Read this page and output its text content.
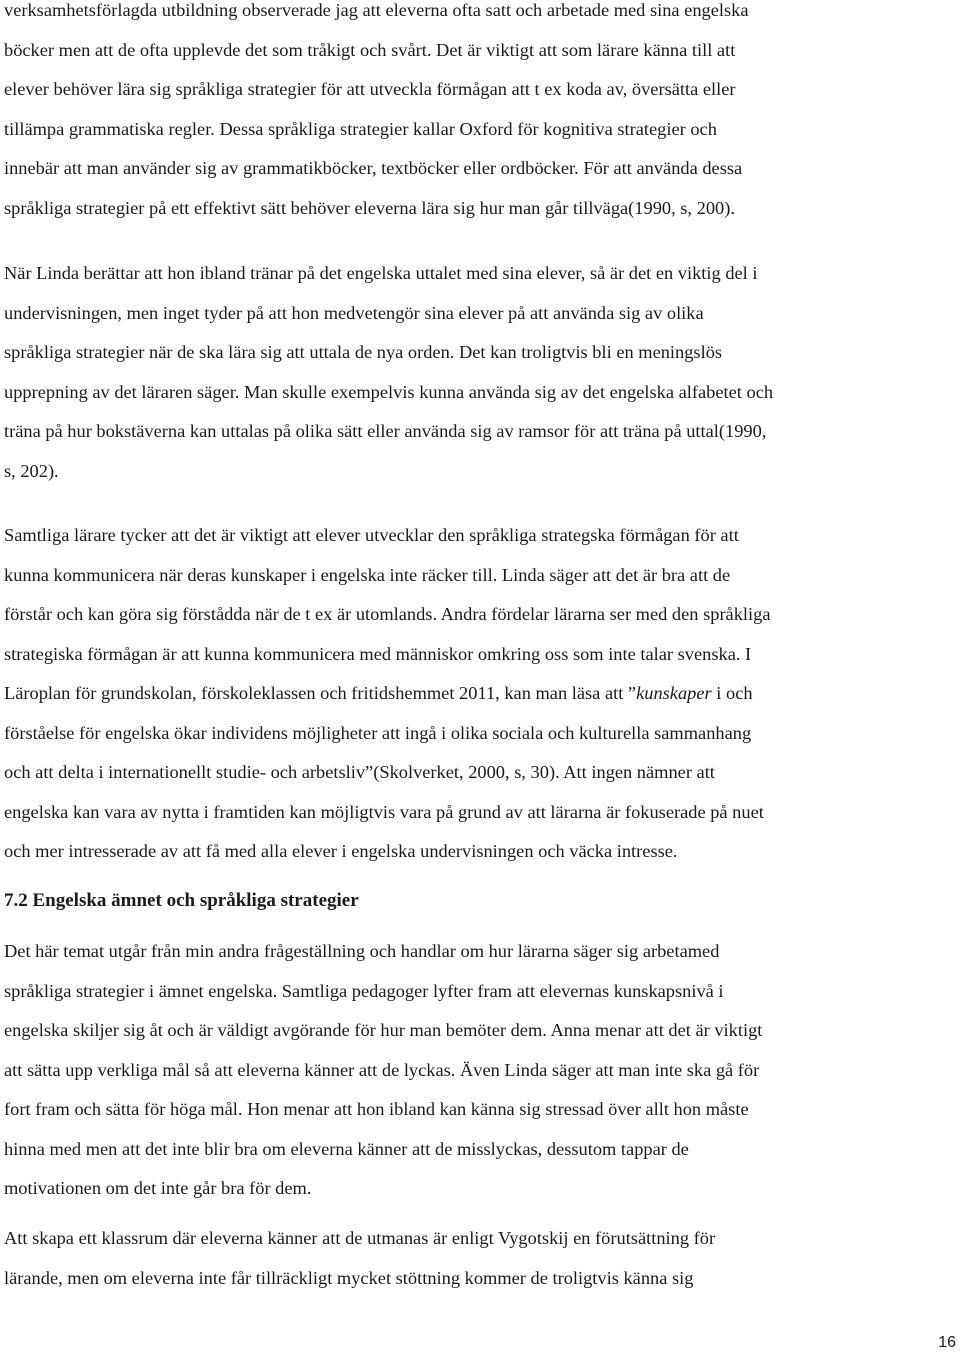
verksamhetsförlagda utbildning observerade jag att eleverna ofta satt och arbetade med sina engelska
böcker men att de ofta upplevde det som tråkigt och svårt. Det är viktigt att som lärare känna till att
elever behöver lära sig språkliga strategier för att utveckla förmågan att t ex koda av, översätta eller
tillämpa grammatiska regler. Dessa språkliga strategier kallar Oxford för kognitiva strategier och
innebär att man använder sig av grammatikböcker, textböcker eller ordböcker. För att använda dessa
språkliga strategier på ett effektivt sätt behöver eleverna lära sig hur man går tillväga(1990, s, 200).
När Linda berättar att hon ibland tränar på det engelska uttalet med sina elever, så är det en viktig del i
undervisningen, men inget tyder på att hon medvetengör sina elever på att använda sig av olika
språkliga strategier när de ska lära sig att uttala de nya orden. Det kan troligtvis bli en meningslös
upprepning av det läraren säger. Man skulle exempelvis kunna använda sig av det engelska alfabetet och
träna på hur bokstäverna kan uttalas på olika sätt eller använda sig av ramsor för att träna på uttal(1990,
s, 202).
Samtliga lärare tycker att det är viktigt att elever utvecklar den språkliga strategska förmågan för att
kunna kommunicera när deras kunskaper i engelska inte räcker till. Linda säger att det är bra att de
förstår och kan göra sig förstådda när de t ex är utomlands. Andra fördelar lärarna ser med den språkliga
strategiska förmågan är att kunna kommunicera med människor omkring oss som inte talar svenska. I
Läroplan för grundskolan, förskoleklassen och fritidshemmet 2011, kan man läsa att ”kunskaper i och
förståelse för engelska ökar individens möjligheter att ingå i olika sociala och kulturella sammanhang
och att delta i internationellt studie- och arbetsliv”(Skolverket, 2000, s, 30). Att ingen nämner att
engelska kan vara av nytta i framtiden kan möjligtvis vara på grund av att lärarna är fokuserade på nuet
och mer intresserade av att få med alla elever i engelska undervisningen och väcka intresse.
7.2 Engelska ämnet och språkliga strategier
Det här temat utgår från min andra frågeställning och handlar om hur lärarna säger sig arbetamed
språkliga strategier i ämnet engelska. Samtliga pedagoger lyfter fram att elevernas kunskapsnivå i
engelska skiljer sig åt och är väldigt avgörande för hur man bemöter dem. Anna menar att det är viktigt
att sätta upp verkliga mål så att eleverna känner att de lyckas. Även Linda säger att man inte ska gå för
fort fram och sätta för höga mål. Hon menar att hon ibland kan känna sig stressad över allt hon måste
hinna med men att det inte blir bra om eleverna känner att de misslyckas, dessutom tappar de
motivationen om det inte går bra för dem.
Att skapa ett klassrum där eleverna känner att de utmanas är enligt Vygotskij en förutsättning för
lärande, men om eleverna inte får tillräckligt mycket stöttning kommer de troligtvis känna sig
16
